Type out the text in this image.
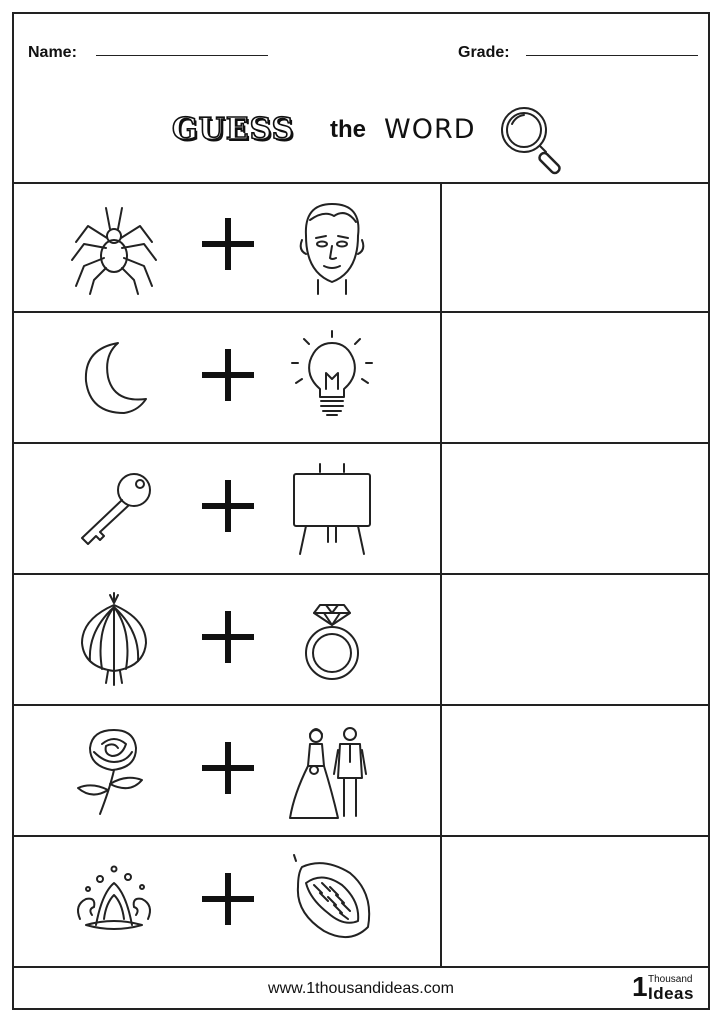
Name:	Grade:
GUESS the WORD
www.1thousandideas.com	1 Thousand
Ideas
